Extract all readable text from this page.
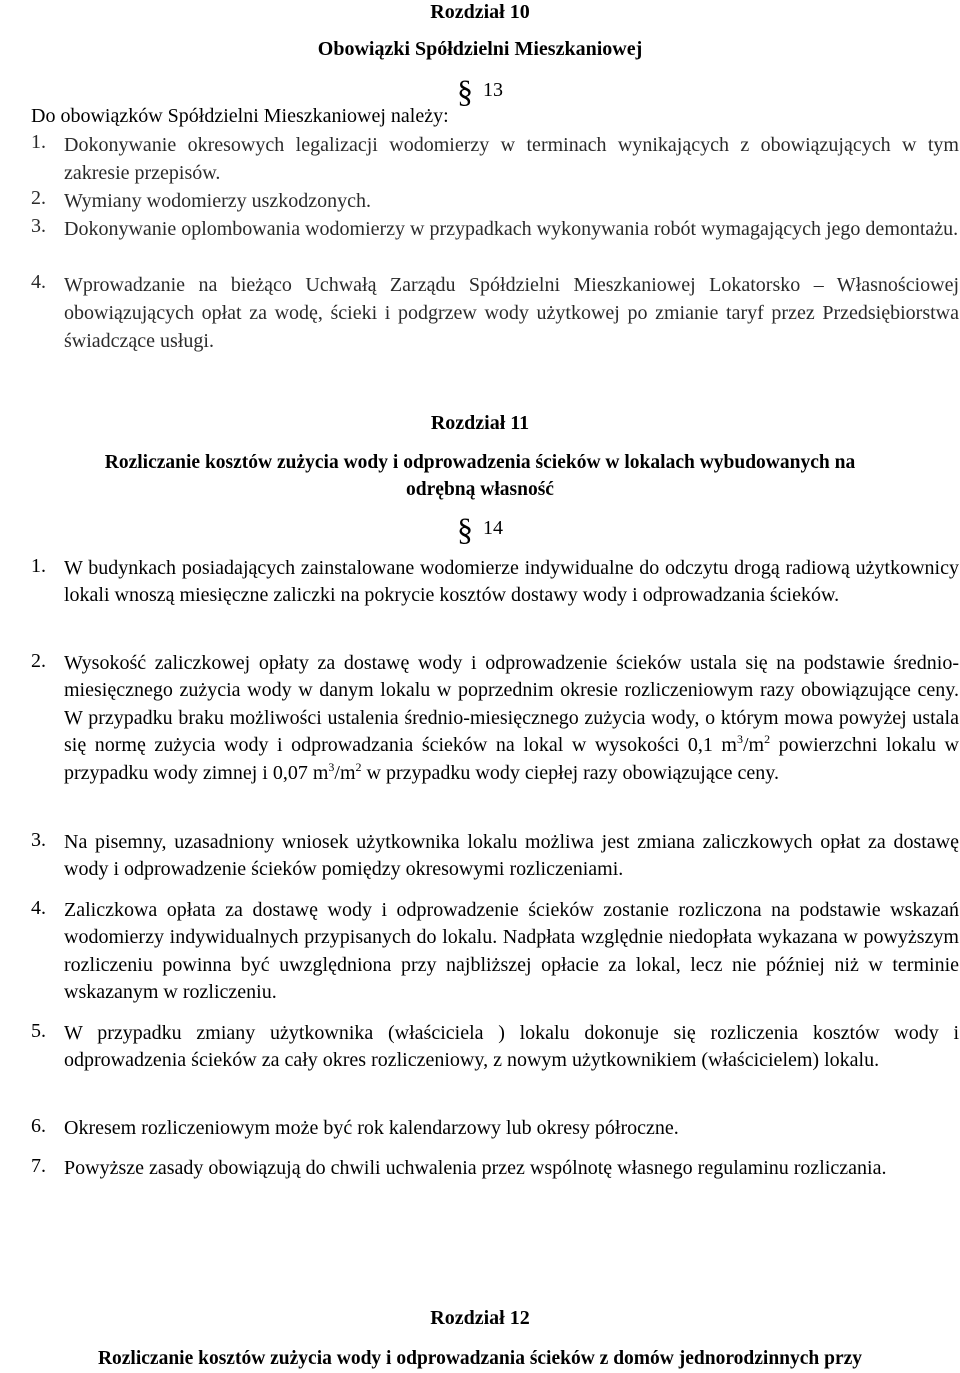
Rozdział 10
Obowiązki Spółdzielni Mieszkaniowej
§ 13
Do obowiązków Spółdzielni Mieszkaniowej należy:
1. Dokonywanie okresowych legalizacji wodomierzy w terminach wynikających z obowiązujących w tym zakresie przepisów.
2. Wymiany wodomierzy uszkodzonych.
3. Dokonywanie oplombowania wodomierzy w przypadkach wykonywania robót wymagających jego demontażu.
4. Wprowadzanie na bieżąco Uchwałą Zarządu Spółdzielni Mieszkaniowej Lokatorsko – Własnościowej obowiązujących opłat za wodę, ścieki i podgrzew wody użytkowej po zmianie taryf przez Przedsiębiorstwa świadczące usługi.
Rozdział 11
Rozliczanie kosztów zużycia wody i odprowadzenia ścieków w lokalach wybudowanych na
odrębną własność
§ 14
1. W budynkach posiadających zainstalowane wodomierze indywidualne do odczytu drogą radiową użytkownicy lokali wnoszą miesięczne zaliczki na pokrycie kosztów dostawy wody i odprowadzania ścieków.
2. Wysokość zaliczkowej opłaty za dostawę wody i odprowadzenie ścieków ustala się na podstawie średnio-miesięcznego zużycia wody w danym lokalu w poprzednim okresie rozliczeniowym razy obowiązujące ceny. W przypadku braku możliwości ustalenia średnio-miesięcznego zużycia wody, o którym mowa powyżej ustala się normę zużycia wody i odprowadzania ścieków na lokal w wysokości 0,1 $m^3/m^2$ powierzchni lokalu w przypadku wody zimnej i 0,07 $m^3/m^2$ w przypadku wody ciepłej razy obowiązujące ceny.
3. Na pisemny, uzasadniony wniosek użytkownika lokalu możliwa jest zmiana zaliczkowych opłat za dostawę wody i odprowadzenie ścieków pomiędzy okresowymi rozliczeniami.
4. Zaliczkowa opłata za dostawę wody i odprowadzenie ścieków zostanie rozliczona na podstawie wskazań wodomierzy indywidualnych przypisanych do lokalu. Nadpłata względnie niedopłata wykazana w powyższym rozliczeniu powinna być uwzględniona przy najbliższej opłacie za lokal, lecz nie później niż w terminie wskazanym w rozliczeniu.
5. W przypadku zmiany użytkownika (właściciela ) lokalu dokonuje się rozliczenia kosztów wody i odprowadzenia ścieków za cały okres rozliczeniowy, z nowym użytkownikiem (właścicielem) lokalu.
6. Okresem rozliczeniowym może być rok kalendarzowy lub okresy półroczne.
7. Powyższe zasady obowiązują do chwili uchwalenia przez wspólnotę własnego regulaminu rozliczania.
Rozdział 12
Rozliczanie kosztów zużycia wody i odprowadzania ścieków z domów jednorodzinnych przy
